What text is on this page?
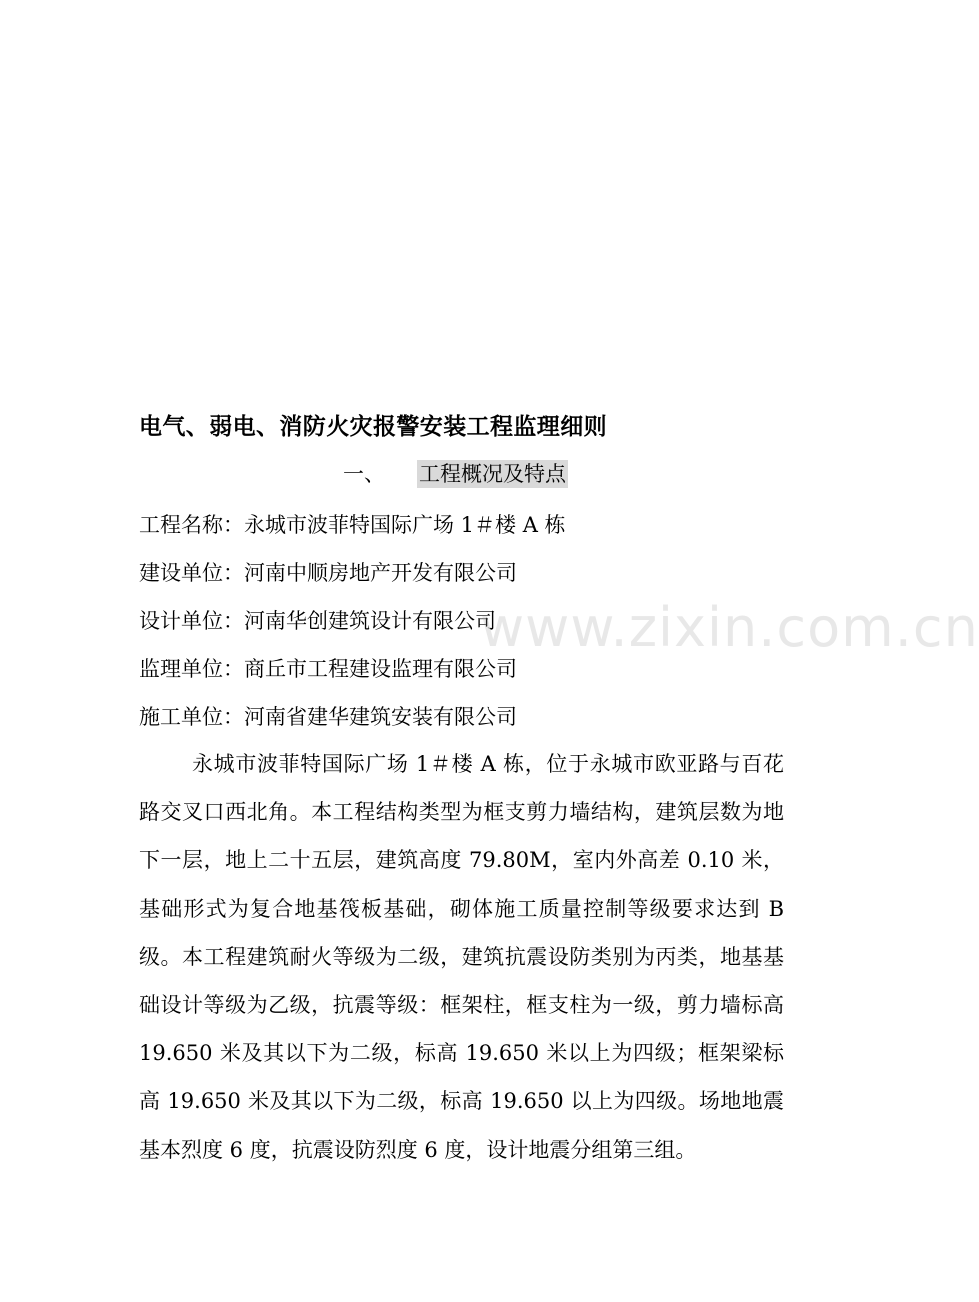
电气、弱电、消防火灾报警安装工程监理细则
一、 工程概况及特点
工程名称：永城市波菲特国际广场 1＃楼 A 栋
建设单位：河南中顺房地产开发有限公司
设计单位：河南华创建筑设计有限公司
监理单位：商丘市工程建设监理有限公司
施工单位：河南省建华建筑安装有限公司
永城市波菲特国际广场 1＃楼 A 栋，位于永城市欧亚路与百花路交叉口西北角。本工程结构类型为框支剪力墙结构，建筑层数为地下一层，地上二十五层，建筑高度 79.80M，室内外高差 0.10 米，基础形式为复合地基筏板基础，砌体施工质量控制等级要求达到 B 级。本工程建筑耐火等级为二级，建筑抗震设防类别为丙类，地基基础设计等级为乙级，抗震等级：框架柱，框支柱为一级，剪力墙标高 19.650 米及其以下为二级，标高 19.650 米以上为四级；框架梁标高 19.650 米及其以下为二级，标高 19.650 以上为四级。场地地震基本烈度 6 度，抗震设防烈度 6 度，设计地震分组第三组。
www.zixin.com.cn
